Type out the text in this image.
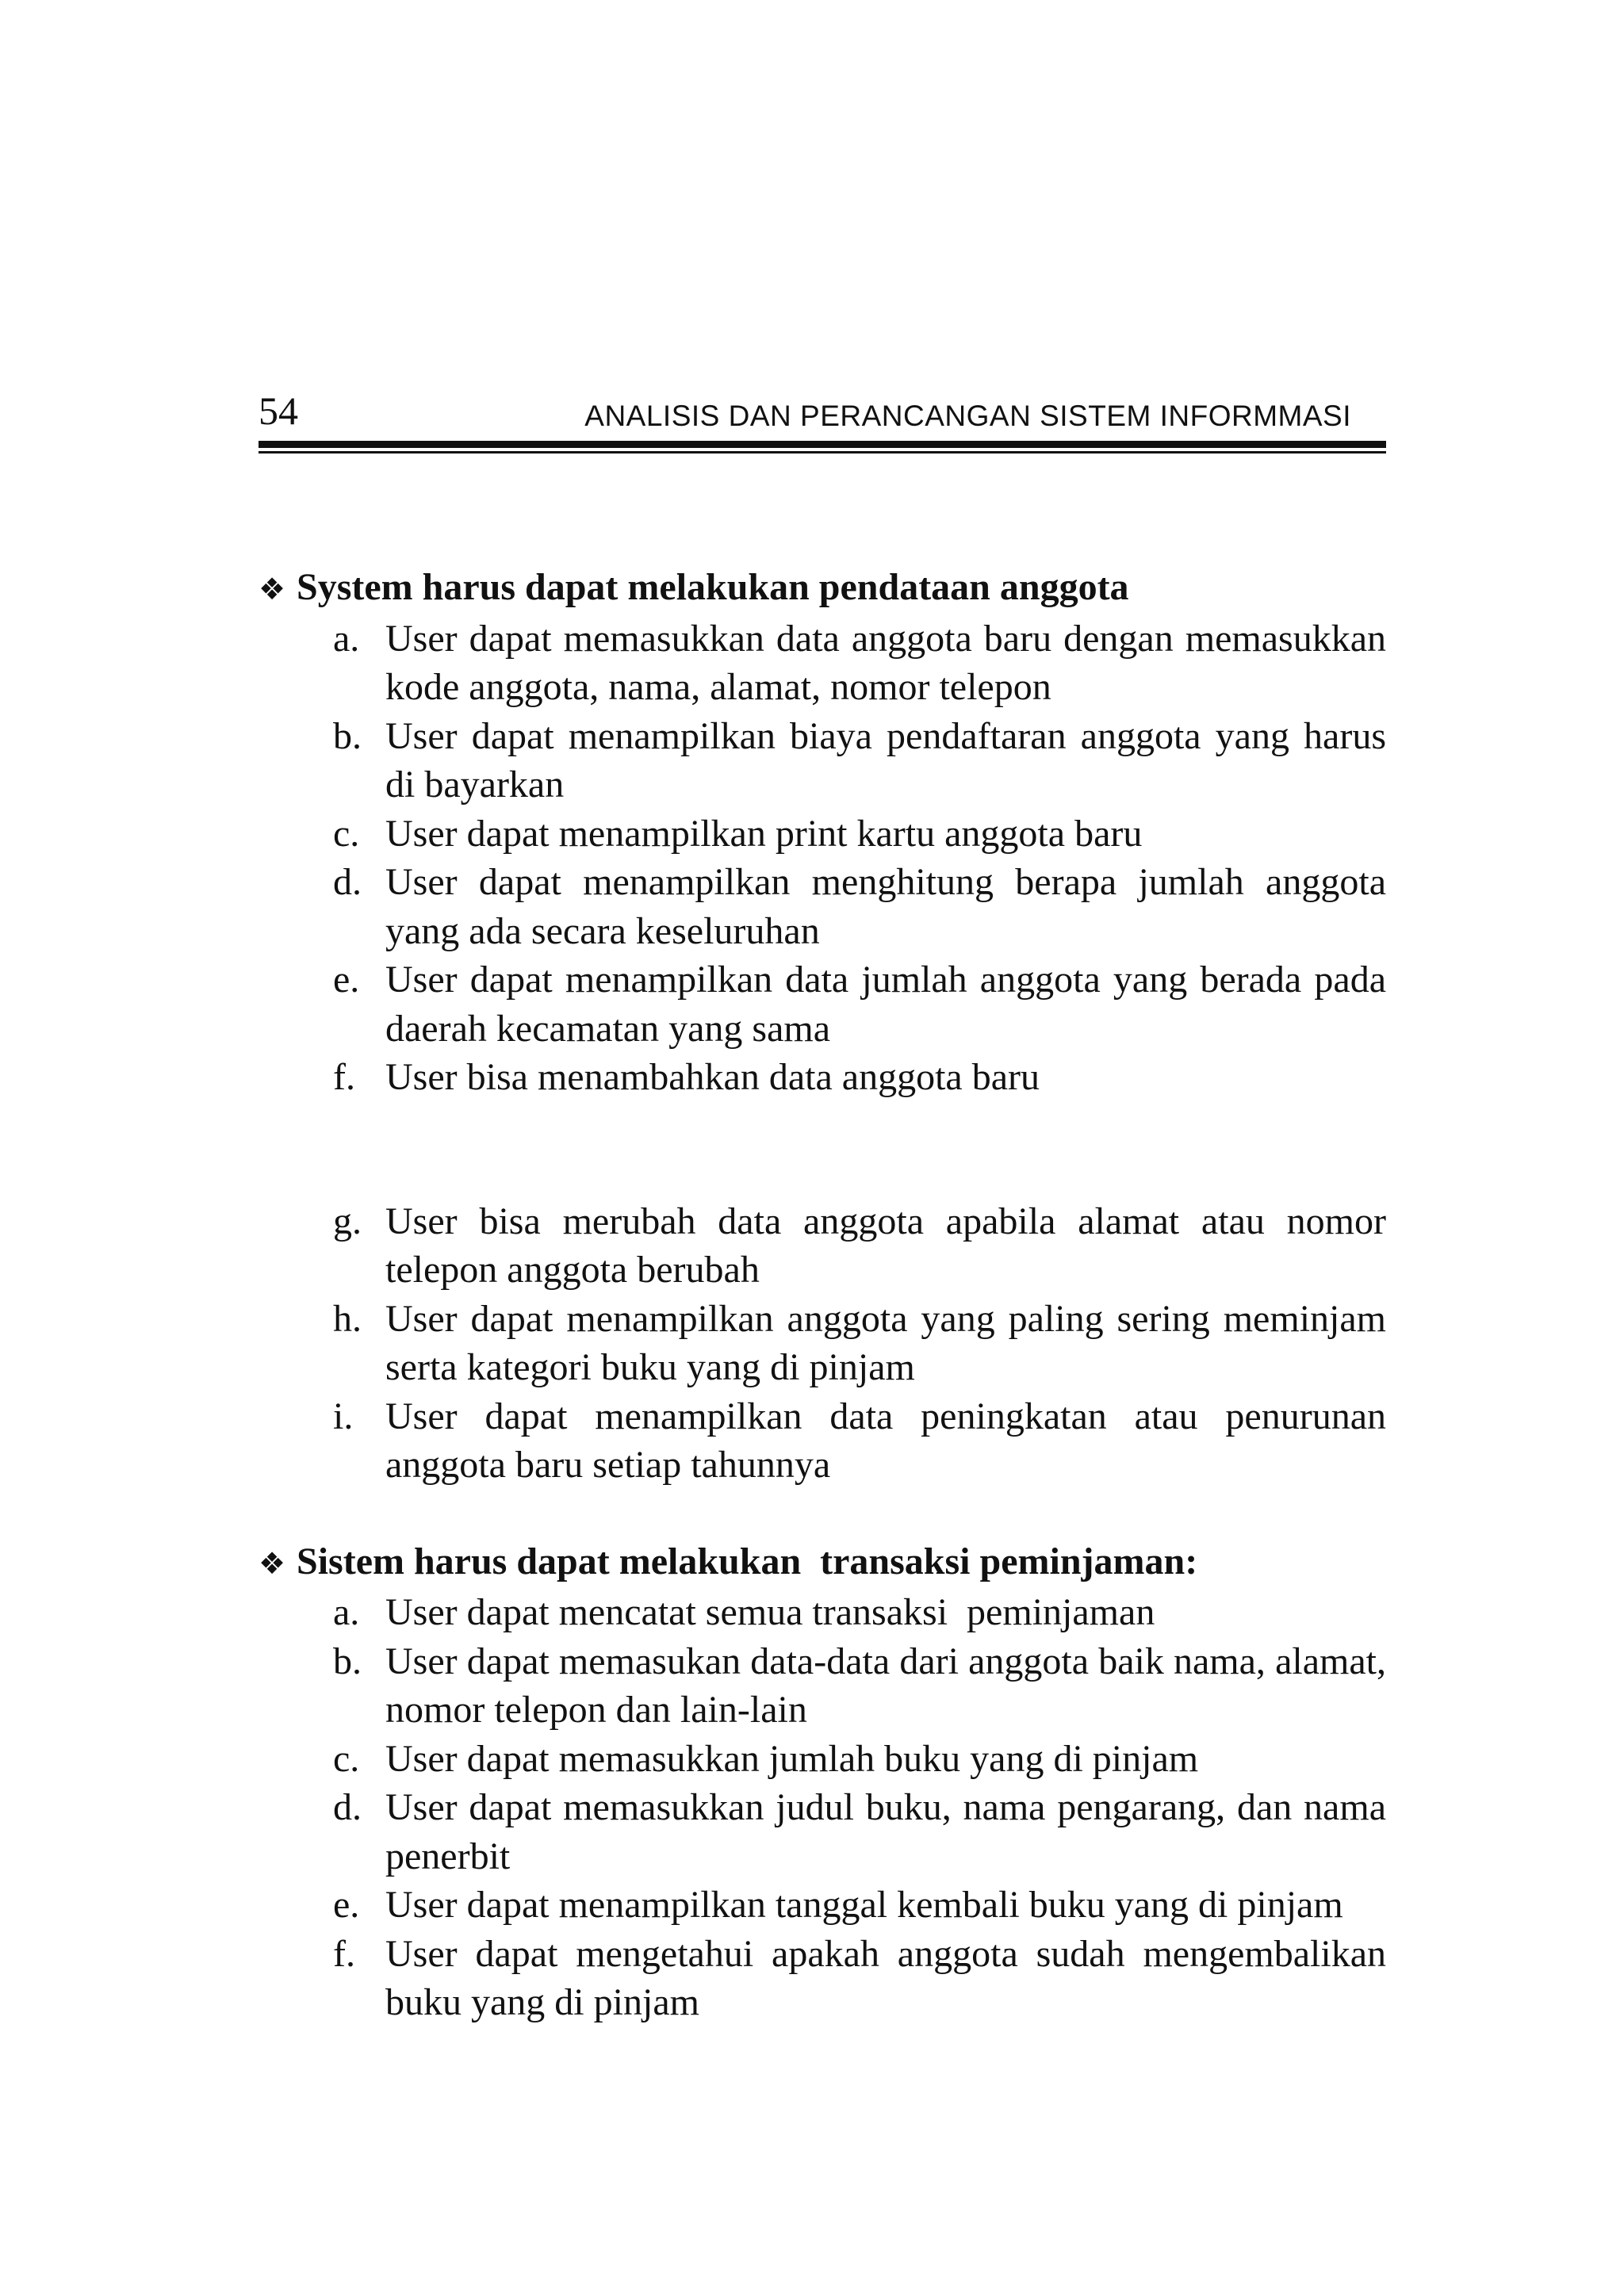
54	ANALISIS DAN PERANCANGAN SISTEM INFORMMASI
❖ System harus dapat melakukan pendataan anggota
a. User dapat memasukkan data anggota baru dengan memasukkan kode anggota, nama, alamat, nomor telepon
b. User dapat menampilkan biaya pendaftaran anggota yang harus di bayarkan
c. User dapat menampilkan print kartu anggota baru
d. User dapat menampilkan menghitung berapa jumlah anggota yang ada secara keseluruhan
e. User dapat menampilkan data jumlah anggota yang berada pada daerah kecamatan yang sama
f. User bisa menambahkan data anggota baru
g. User bisa merubah data anggota apabila alamat atau nomor telepon anggota berubah
h. User dapat menampilkan anggota yang paling sering meminjam serta kategori buku yang di pinjam
i. User dapat menampilkan data peningkatan atau penurunan anggota baru setiap tahunnya
❖ Sistem harus dapat melakukan  transaksi peminjaman:
a. User dapat mencatat semua transaksi  peminjaman
b. User dapat memasukan data-data dari anggota baik nama, alamat, nomor telepon dan lain-lain
c. User dapat memasukkan jumlah buku yang di pinjam
d. User dapat memasukkan judul buku, nama pengarang, dan nama penerbit
e. User dapat menampilkan tanggal kembali buku yang di pinjam
f. User dapat mengetahui apakah anggota sudah mengembalikan buku yang di pinjam
